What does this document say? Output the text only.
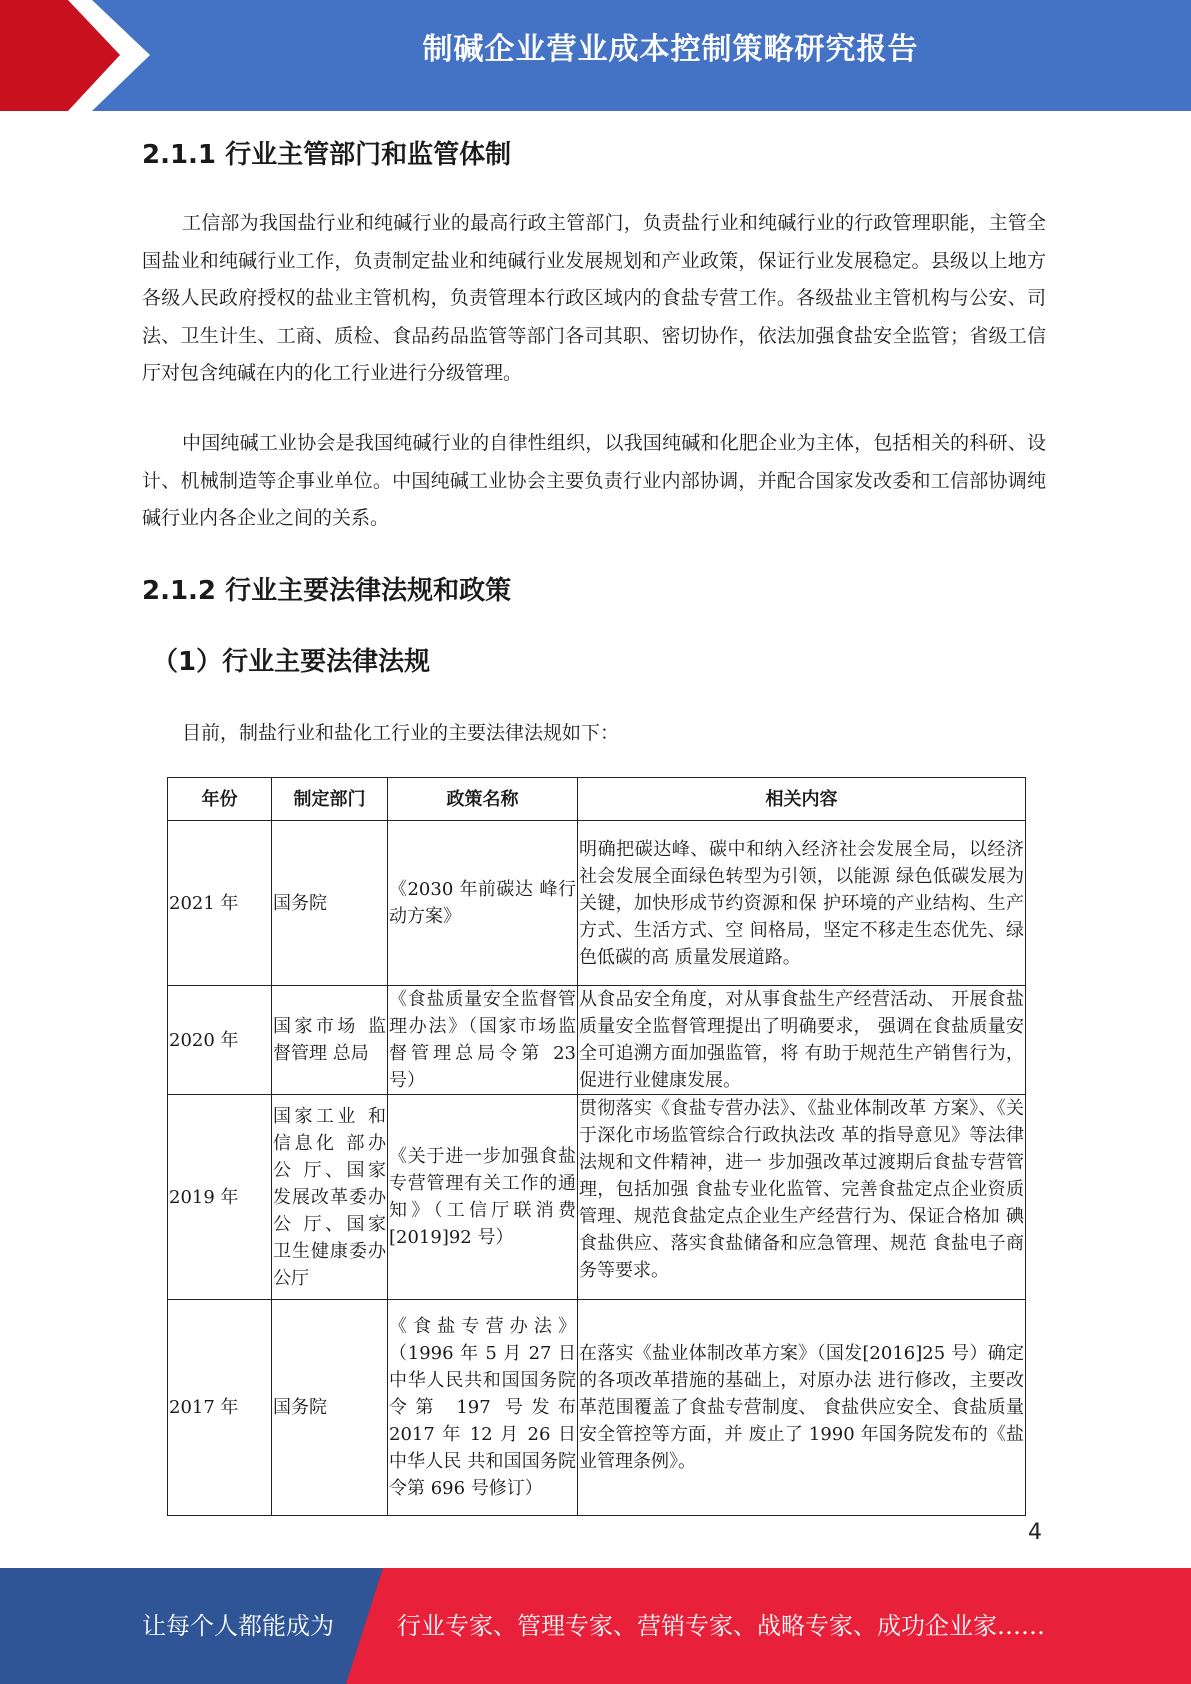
制碱企业营业成本控制策略研究报告
2.1.1 行业主管部门和监管体制

工信部为我国盐行业和纯碱行业的最高行政主管部门，负责盐行业和纯碱行业的行政管理职能，主管全国盐业和纯碱行业工作，负责制定盐业和纯碱行业发展规划和产业政策，保证行业发展稳定。县级以上地方各级人民政府授权的盐业主管机构，负责管理本行政区域内的食盐专营工作。各级盐业主管机构与公安、司法、卫生计生、工商、质检、食品药品监管等部门各司其职、密切协作，依法加强食盐安全监管；省级工信厅对包含纯碱在内的化工行业进行分级管理。

中国纯碱工业协会是我国纯碱行业的自律性组织，以我国纯碱和化肥企业为主体，包括相关的科研、设计、机械制造等企事业单位。中国纯碱工业协会主要负责行业内部协调，并配合国家发改委和工信部协调纯碱行业内各企业之间的关系。

2.1.2 行业主要法律法规和政策
（1）行业主要法律法规

目前，制盐行业和盐化工行业的主要法律法规如下：

年份	制定部门	政策名称	相关内容
2021 年	国务院	《2030 年前碳达 峰行动方案》	明确把碳达峰、碳中和纳入经济社会发展全局，以经济社会发展全面绿色转型为引领，以能源 绿色低碳发展为关键，加快形成节约资源和保 护环境的产业结构、生产方式、生活方式、空 间格局，坚定不移走生态优先、绿色低碳的高 质量发展道路。
2020 年	国家市场 监督管理 总局	《食盐质量安全监督管理办法》（国家市场监督管理总局令第 23 号）	从食品安全角度，对从事食盐生产经营活动、 开展食盐质量安全监督管理提出了明确要求， 强调在食盐质量安全可追溯方面加强监管，将 有助于规范生产销售行为，促进行业健康发展。
2019 年	国家工业 和信息化 部办公 厅、国家发展改革委办公 厅、国家 卫生健康委办公厅	《关于进一步加强食盐专营管理有关工作的通知》（工信厅联消费 [2019]92 号）	贯彻落实《食盐专营办法》、《盐业体制改革 方案》、《关于深化市场监管综合行政执法改 革的指导意见》等法律法规和文件精神，进一 步加强改革过渡期后食盐专营管理，包括加强 食盐专业化监管、完善食盐定点企业资质管理、规范食盐定点企业生产经营行为、保证合格加 碘食盐供应、落实食盐储备和应急管理、规范 食盐电子商务等要求。

2017 年	国务院	《食盐专营办法》（1996 年 5 月 27 日中华人民共和国国务院令第 197 号发布 2017 年 12 月 26 日中华人民 共和国国务院令第 696 号修订）	在落实《盐业体制改革方案》（国发[2016]25 号）确定的各项改革措施的基础上，对原办法 进行修改，主要改革范围覆盖了食盐专营制度、 食盐供应安全、食盐质量安全管控等方面，并 废止了 1990 年国务院发布的《盐业管理条例》。
4
让每个人都能成为	行业专家、管理专家、营销专家、战略专家、成功企业家……
